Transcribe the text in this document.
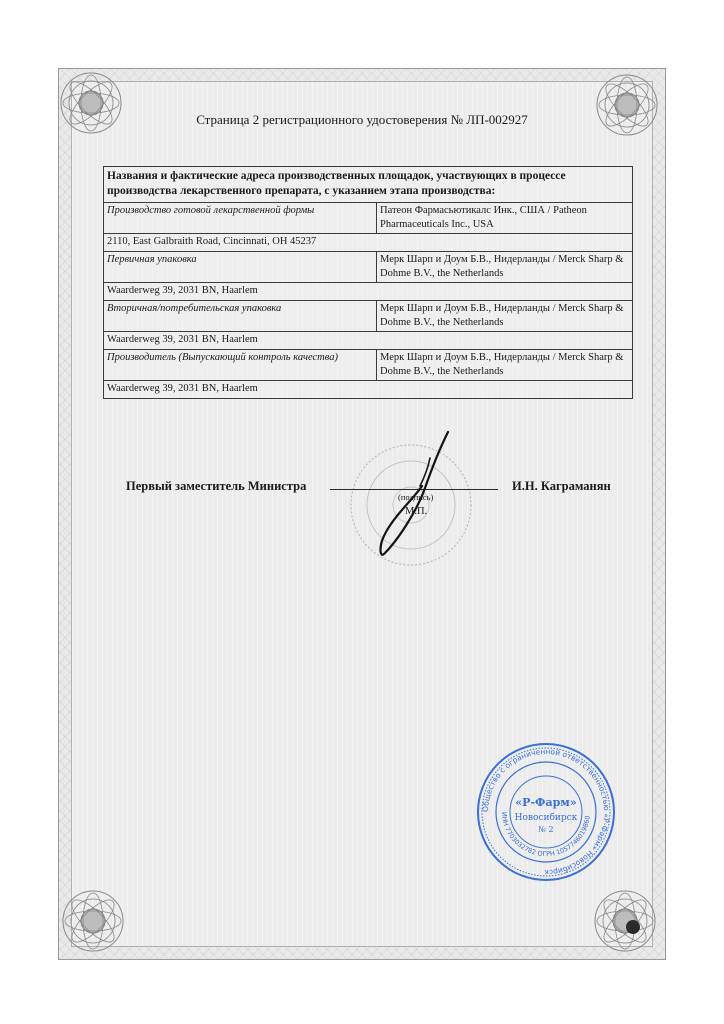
Страница 2 регистрационного удостоверения № ЛП-002927
Названия и фактические адреса производственных площадок, участвующих в процессе производства лекарственного препарата, с указанием этапа производства:	
Производство готовой лекарственной формы	Патеон Фармасьютикалс Инк., США / Patheon Pharmaceuticals Inc., USA
2110, East Galbraith Road, Cincinnati, OH 45237	
Первичная упаковка	Мерк Шарп и Доум Б.В., Нидерланды / Merck Sharp & Dohme B.V., the Netherlands
Waarderweg 39, 2031 BN, Haarlem	
Вторичная/потребительская упаковка	Мерк Шарп и Доум Б.В., Нидерланды / Merck Sharp & Dohme B.V., the Netherlands
Waarderweg 39, 2031 BN, Haarlem	
Производитель (Выпускающий контроль качества)	Мерк Шарп и Доум Б.В., Нидерланды / Merck Sharp & Dohme B.V., the Netherlands
Waarderweg 39, 2031 BN, Haarlem	
Первый заместитель Министра
(подпись)
И.Н. Каграманян
М.П.
Общество с ограниченной ответственностью «Р-Фарм» Новосибирск
ИНН 7703032782 ОГРН 1057746019860
«Р-Фарм»
Новосибирск
№ 2
